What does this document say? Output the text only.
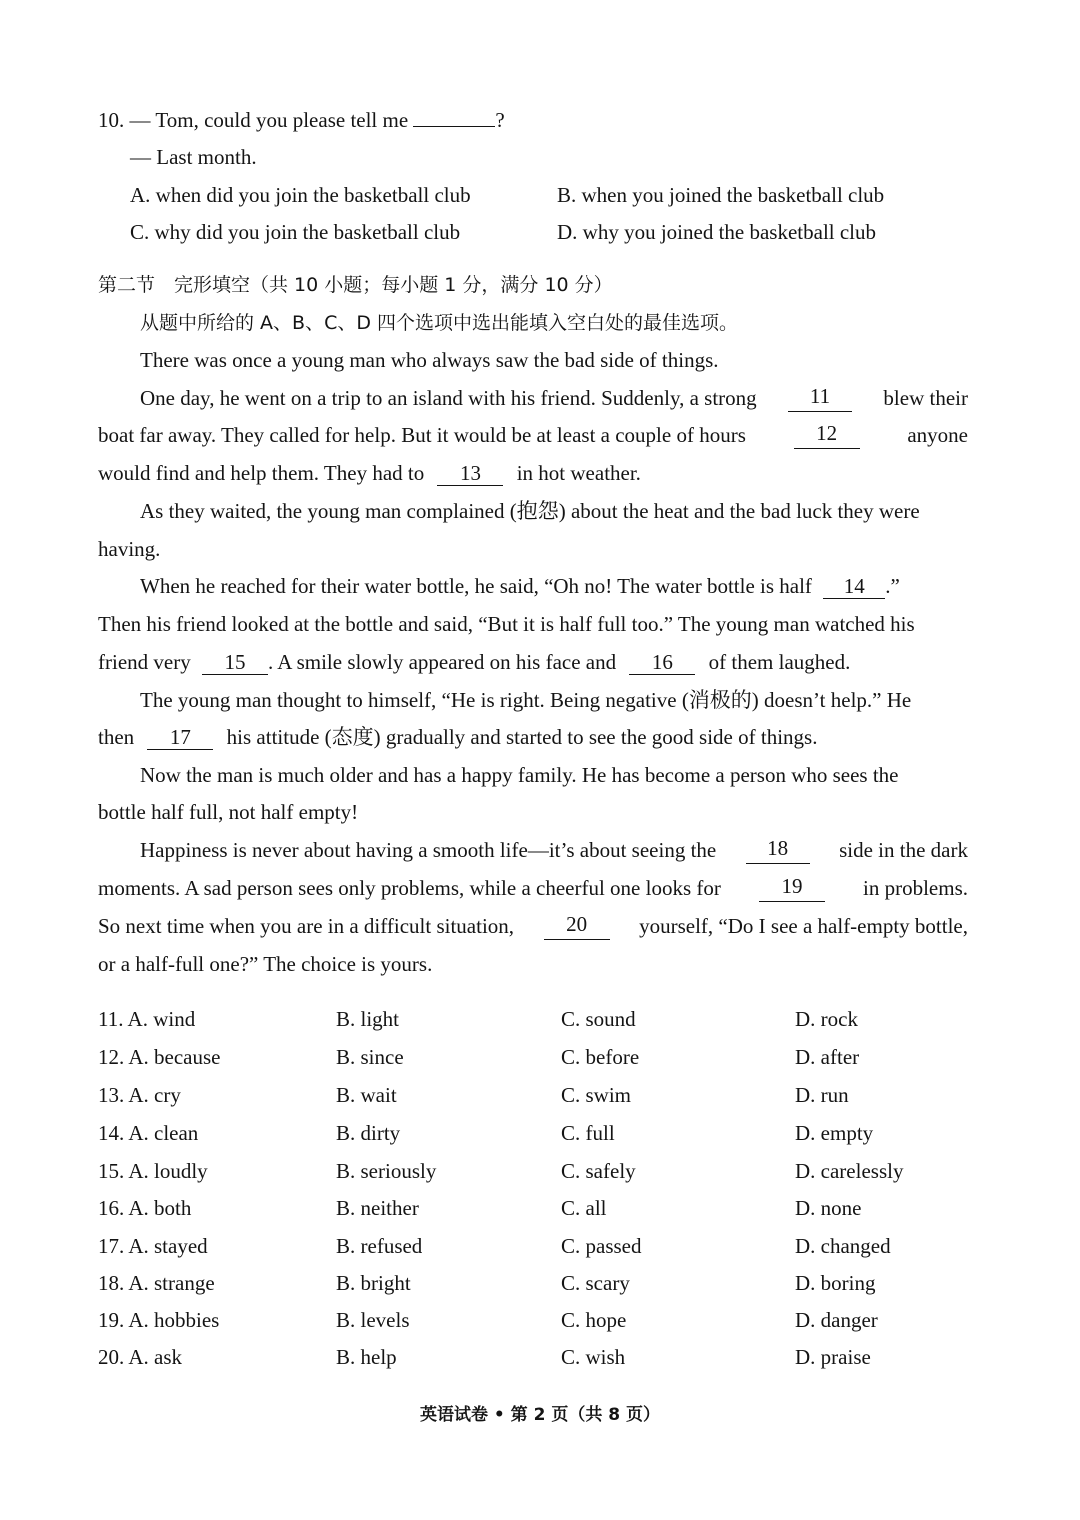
10. — Tom, could you please tell me	?
— Last month.
A. when did you join the basketball club	B. when you joined the basketball club
C. why did you join the basketball club	D. why you joined the basketball club
第二节　完形填空（共 10 小题；每小题 1 分，满分 10 分）
从题中所给的 A、B、C、D 四个选项中选出能填入空白处的最佳选项。
There was once a young man who always saw the bad side of things.
One day, he went on a trip to an island with his friend. Suddenly, a strong	11	blew their
boat far away. They called for help. But it would be at least a couple of hours	12	anyone
would find and help them. They had to 13 in hot weather.
As they waited, the young man complained (抱怨) about the heat and the bad luck they were
having.
When he reached for their water bottle, he said, “Oh no! The water bottle is half 14 .”
Then his friend looked at the bottle and said, “But it is half full too.” The young man watched his
friend very 15 . A smile slowly appeared on his face and 16 of them laughed.
The young man thought to himself, “He is right. Being negative (消极的) doesn’t help.” He
then 17 his attitude (态度) gradually and started to see the good side of things.
Now the man is much older and has a happy family. He has become a person who sees the
bottle half full, not half empty!
Happiness is never about having a smooth life—it’s about seeing the	18	side in the dark
moments. A sad person sees only problems, while a cheerful one looks for	19	in problems.
So next time when you are in a difficult situation,	20	yourself, “Do I see a half-empty bottle,
or a half-full one?” The choice is yours.
11. A. wind	B. light	C. sound	D. rock
12. A. because	B. since	C. before	D. after
13. A. cry	B. wait	C. swim	D. run
14. A. clean	B. dirty	C. full	D. empty
15. A. loudly	B. seriously	C. safely	D. carelessly
16. A. both	B. neither	C. all	D. none
17. A. stayed	B. refused	C. passed	D. changed
18. A. strange	B. bright	C. scary	D. boring
19. A. hobbies	B. levels	C. hope	D. danger
20. A. ask	B. help	C. wish	D. praise
英语试卷 • 第 2 页（共 8 页）
